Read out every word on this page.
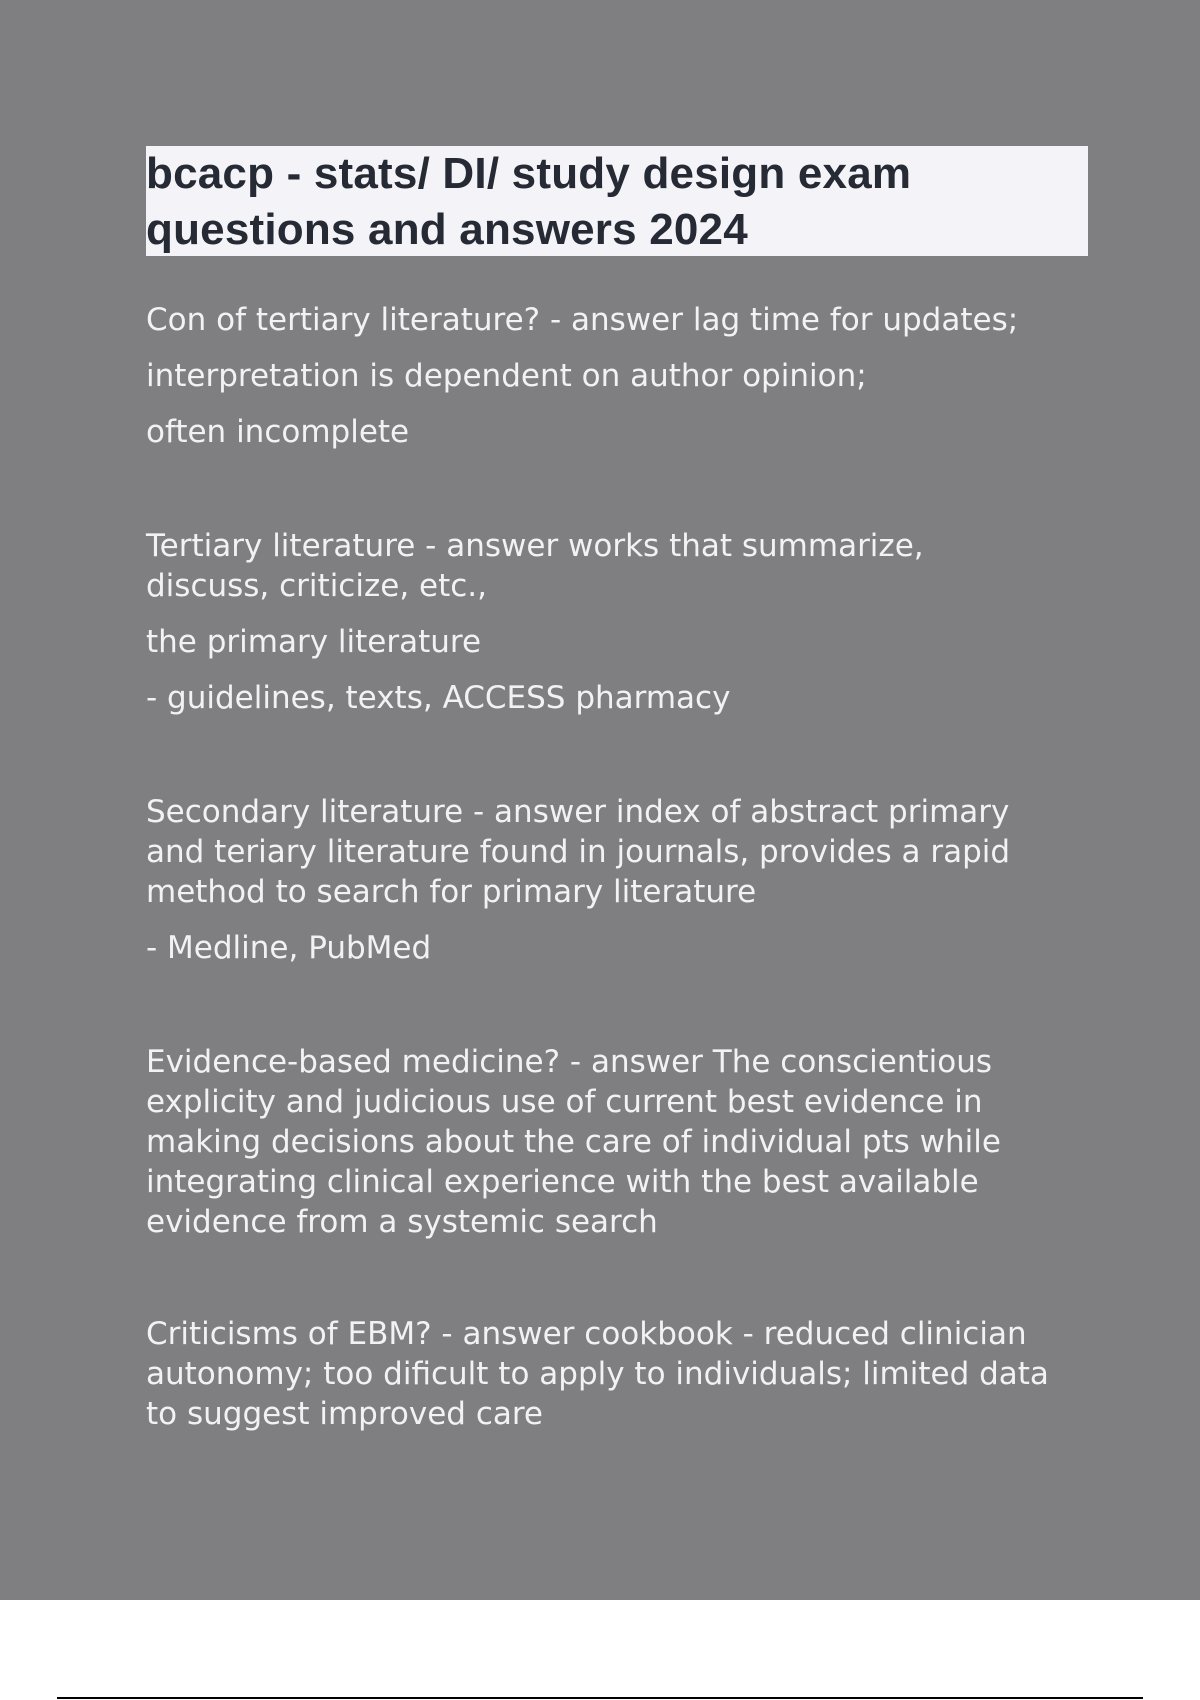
bcacp - stats/ DI/ study design exam
questions and answers 2024
Con of tertiary literature? - answer lag time for updates;
interpretation is dependent on author opinion;
often incomplete
Tertiary literature - answer works that summarize,
discuss, criticize, etc.,
the primary literature
- guidelines, texts, ACCESS pharmacy
Secondary literature - answer index of abstract primary
and teriary literature found in journals, provides a rapid
method to search for primary literature
- Medline, PubMed
Evidence-based medicine? - answer The conscientious
explicity and judicious use of current best evidence in
making decisions about the care of individual pts while
integrating clinical experience with the best available
evidence from a systemic search
Criticisms of EBM? - answer cookbook - reduced clinician
autonomy; too dificult to apply to individuals; limited data
to suggest improved care
